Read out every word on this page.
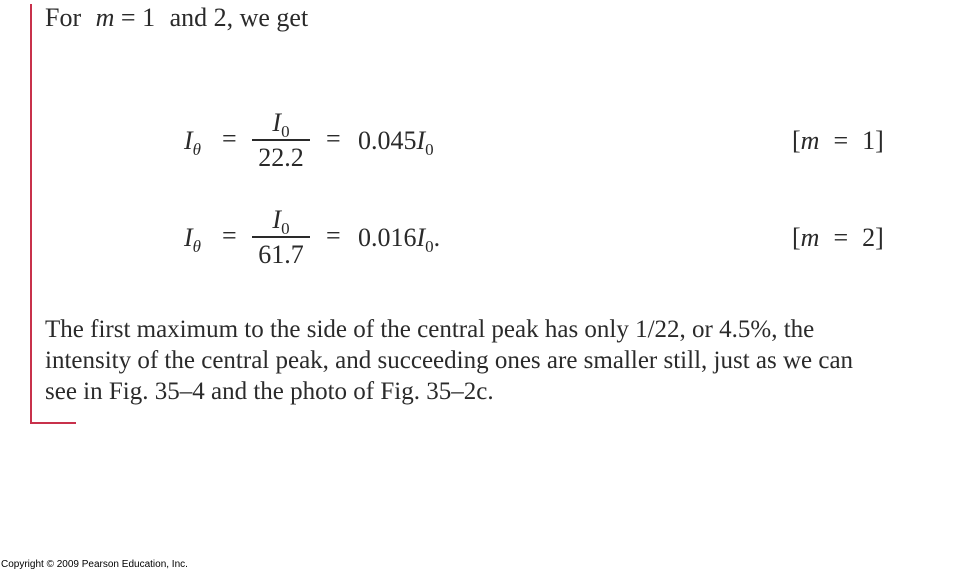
For m = 1 and 2, we get
$I_\theta$ =
$I_0$
22.2
= $0.045I_0$	[m = 1]
$I_\theta$ =
$I_0$
61.7
= $0.016I_0$.	[m = 2]
The first maximum to the side of the central peak has only 1/22, or 4.5%, the
intensity of the central peak, and succeeding ones are smaller still, just as we can
see in Fig. 35–4 and the photo of Fig. 35–2c.
Copyright © 2009 Pearson Education, Inc.
